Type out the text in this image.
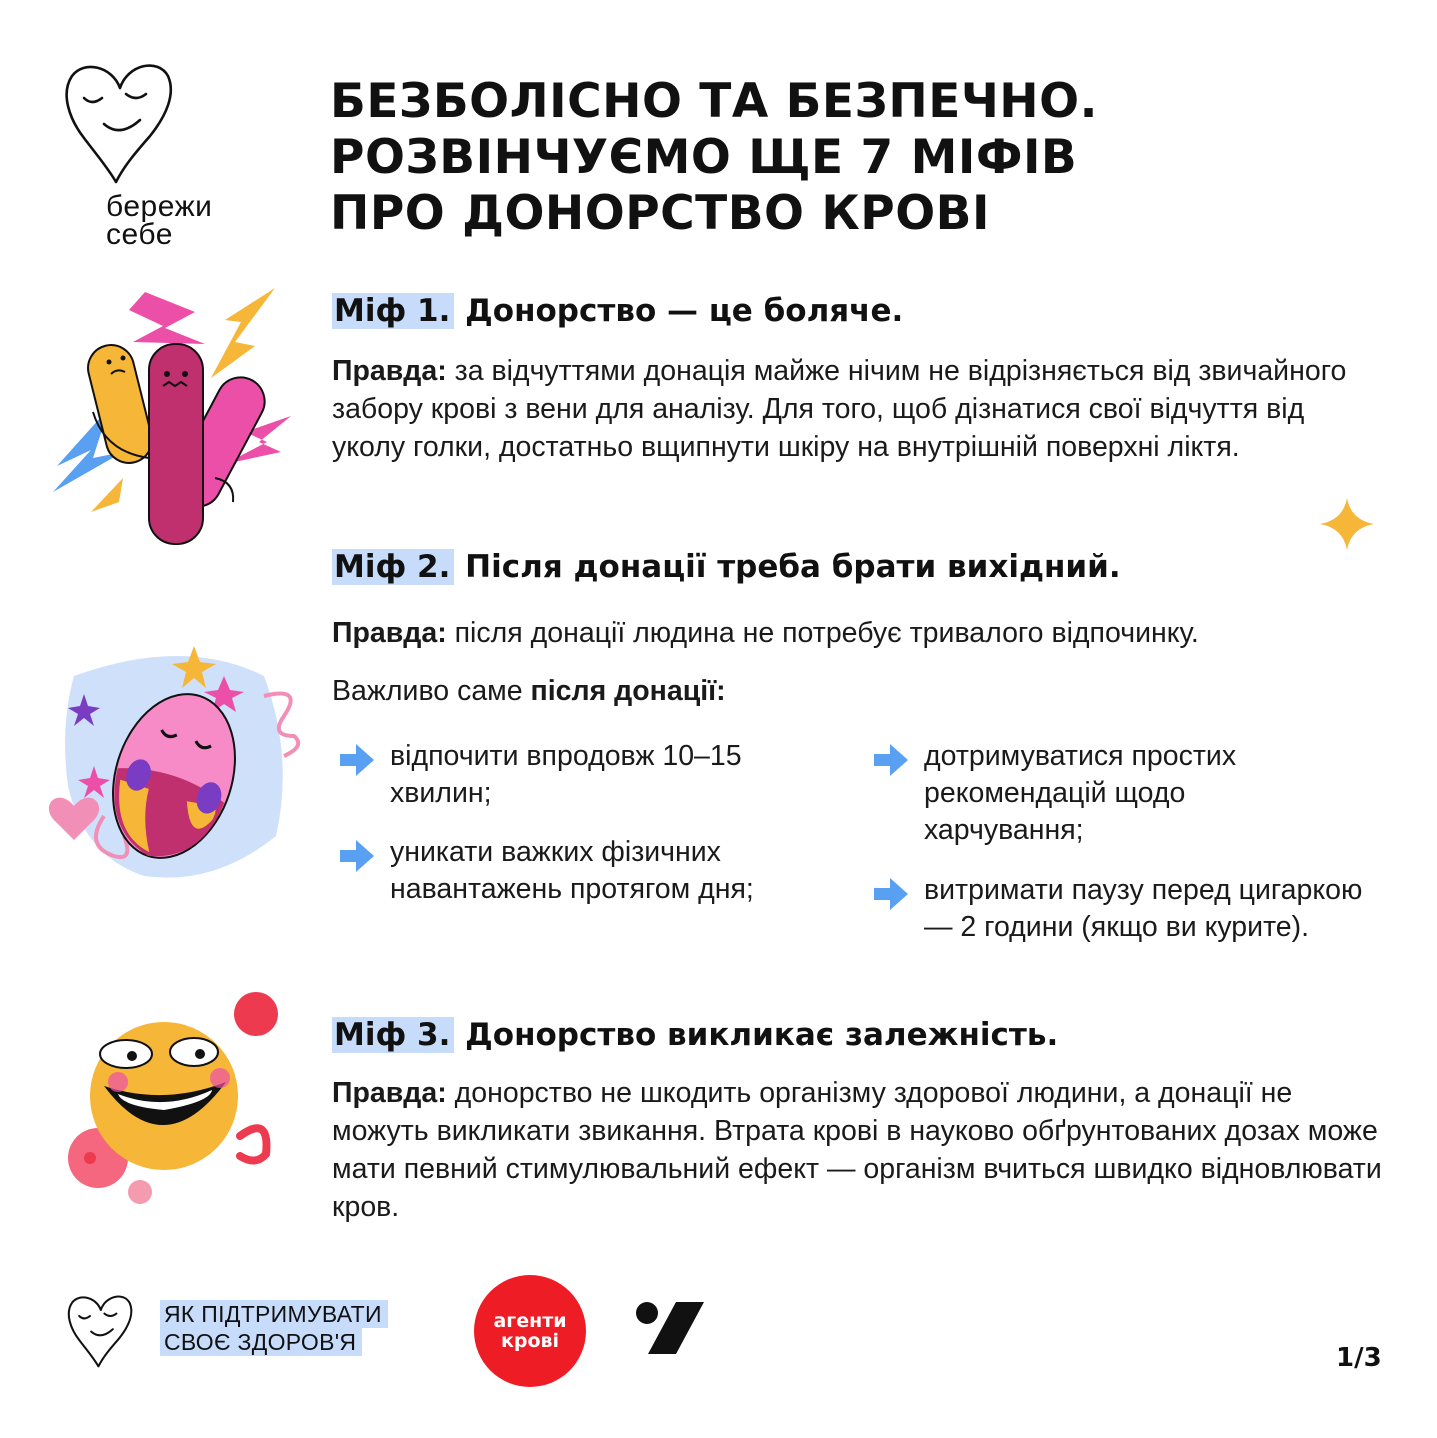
бережи
себе
БЕЗБОЛІСНО ТА БЕЗПЕЧНО.
РОЗВІНЧУЄМО ЩЕ 7 МІФІВ
ПРО ДОНОРСТВО КРОВІ
Міф 1. Донорство — це боляче.
Правда: за відчуттями донація майже нічим не відрізняється від звичайного забору крові з вени для аналізу. Для того, щоб дізнатися свої відчуття від уколу голки, достатньо вщипнути шкіру на внутрішній поверхні ліктя.
Міф 2. Після донації треба брати вихідний.
Правда: після донації людина не потребує тривалого відпочинку.
Важливо саме після донації:
відпочити впродовж 10–15 хвилин;
уникати важких фізичних навантажень протягом дня;
дотримуватися простих рекомендацій щодо харчування;
витримати паузу перед цигаркою — 2 години (якщо ви курите).
Міф 3. Донорство викликає залежність.
Правда: донорство не шкодить організму здорової людини, а донації не можуть викликати звикання. Втрата крові в науково обґрунтованих дозах може мати певний стимулювальний ефект — організм вчиться швидко відновлювати кров.
ЯК ПІДТРИМУВАТИ
СВОЄ ЗДОРОВ'Я
агенти
крові
1/3
